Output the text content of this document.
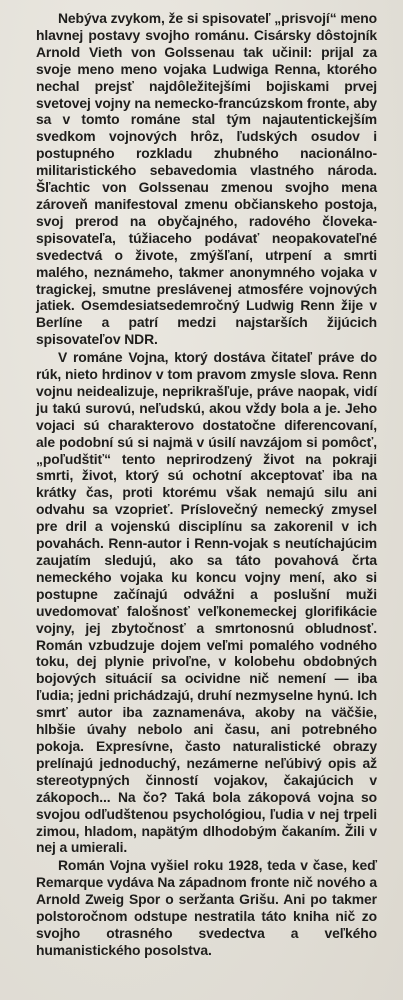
Nebýva zvykom, že si spisovateľ „prisvojí“ meno hlavnej postavy svojho románu. Cisársky dôstojník Arnold Vieth von Golssenau tak učinil: prijal za svoje meno meno vojaka Ludwiga Renna, ktorého nechal prejsť najdôležitejšími bojiskami prvej svetovej vojny na nemecko-francúzskom fronte, aby sa v tomto románe stal tým najautentickejším svedkom vojnových hrôz, ľudských osudov i postupného rozkladu zhubného nacionálno-militaristického sebavedomia vlastného národa. Šľachtic von Golssenau zmenou svojho mena zároveň manifestoval zmenu občianskeho postoja, svoj prerod na obyčajného, radového človeka-spisovateľa, túžiaceho podávať neopakovateľné svedectvá o živote, zmýšľaní, utrpení a smrti malého, neznámeho, takmer anonymného vojaka v tragickej, smutne preslávenej atmosfére vojnových jatiek. Osemdesiatsedemročný Ludwig Renn žije v Berlíne a patrí medzi najstarších žijúcich spisovateľov NDR.

V románe Vojna, ktorý dostáva čitateľ práve do rúk, nieto hrdinov v tom pravom zmysle slova. Renn vojnu neidealizuje, neprikrašľuje, práve naopak, vidí ju takú surovú, neľudskú, akou vždy bola a je. Jeho vojaci sú charakterovo dostatočne diferencovaní, ale podobní sú si najmä v úsilí navzájom si pomôcť, „poľudštiť“ tento neprirodzený život na pokraji smrti, život, ktorý sú ochotní akceptovať iba na krátky čas, proti ktorému však nemajú silu ani odvahu sa vzoprieť. Príslovečný nemecký zmysel pre dril a vojenskú disciplínu sa zakorenil v ich povahách. Renn-autor i Renn-vojak s neutíchajúcim zaujatím sledujú, ako sa táto povahová črta nemeckého vojaka ku koncu vojny mení, ako si postupne začínajú odvážni a poslušní muži uvedomovať falošnosť veľkonemeckej glorifikácie vojny, jej zbytočnosť a smrtonosnú obludnosť. Román vzbudzuje dojem veľmi pomalého vodného toku, dej plynie privoľne, v kolobehu obdobných bojových situácií sa ocividne nič nemení — iba ľudia; jedni prichádzajú, druhí nezmyselne hynú. Ich smrť autor iba zaznamenáva, akoby na väčšie, hlbšie úvahy nebolo ani času, ani potrebného pokoja. Expresívne, často naturalistické obrazy prelínajú jednoduchý, nezámerne neľúbivý opis až stereotypných činností vojakov, čakajúcich v zákopoch... Na čo? Taká bola zákopová vojna so svojou odľudštenou psychológiou, ľudia v nej trpeli zimou, hladom, napätým dlhodobým čakaním. Žili v nej a umierali.

Román Vojna vyšiel roku 1928, teda v čase, keď Remarque vydáva Na západnom fronte nič nového a Arnold Zweig Spor o seržanta Grišu. Ani po takmer polstoročnom odstupe nestratila táto kniha nič zo svojho otrasného svedectva a veľkého humanistického posolstva.
